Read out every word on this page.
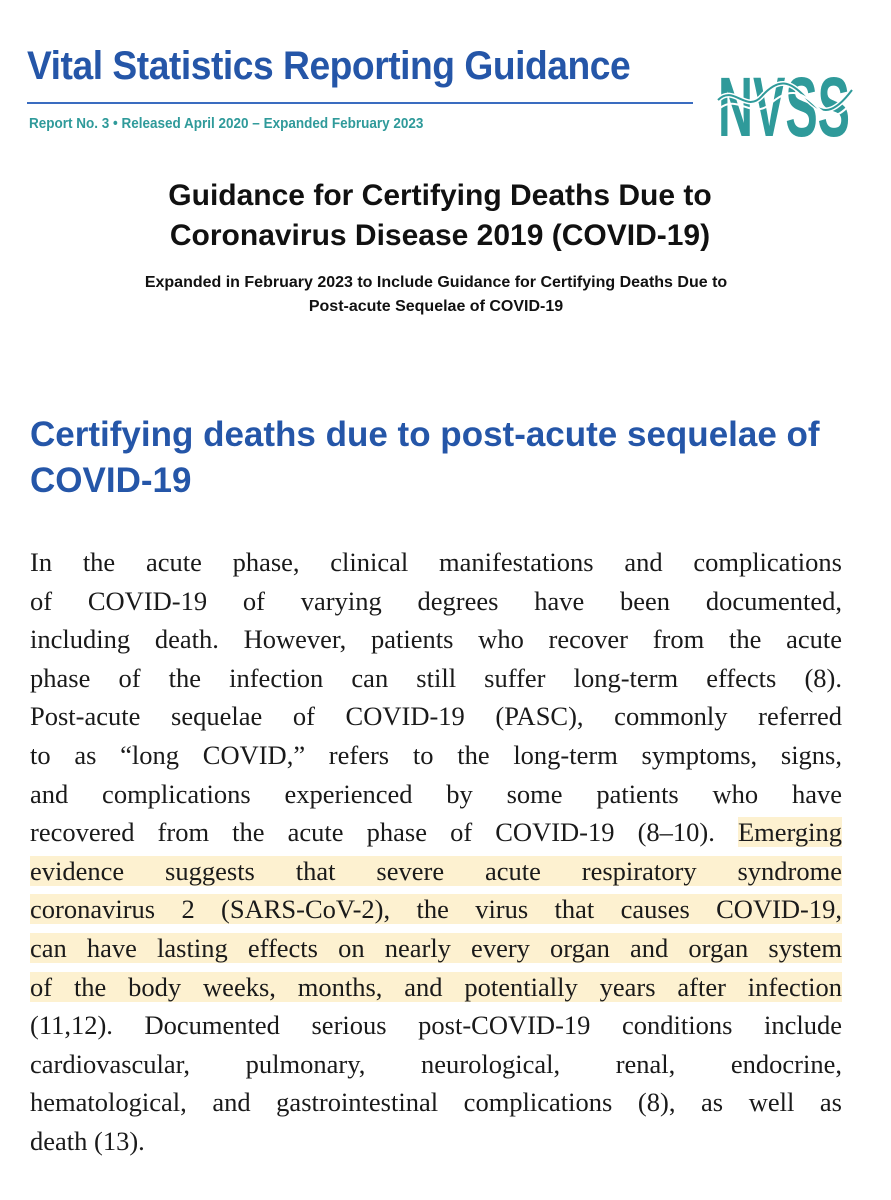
Vital Statistics Reporting Guidance
Report No. 3 • Released April 2020 – Expanded February 2023	NVSS
Guidance for Certifying Deaths Due to
Coronavirus Disease 2019 (COVID-19)
Expanded in February 2023 to Include Guidance for Certifying Deaths Due to
Post-acute Sequelae of COVID-19
Certifying deaths due to post-acute sequelae of
COVID-19
In the acute phase, clinical manifestations and complications
of COVID-19 of varying degrees have been documented,
including death. However, patients who recover from the acute
phase of the infection can still suffer long-term effects (8).
Post-acute sequelae of COVID-19 (PASC), commonly referred
to as “long COVID,” refers to the long-term symptoms, signs,
and complications experienced by some patients who have
recovered from the acute phase of COVID-19 (8–10). Emerging
evidence suggests that severe acute respiratory syndrome
coronavirus 2 (SARS-CoV-2), the virus that causes COVID-19,
can have lasting effects on nearly every organ and organ system
of the body weeks, months, and potentially years after infection
(11,12). Documented serious post-COVID-19 conditions include
cardiovascular, pulmonary, neurological, renal, endocrine,
hematological, and gastrointestinal complications (8), as well as
death (13).
